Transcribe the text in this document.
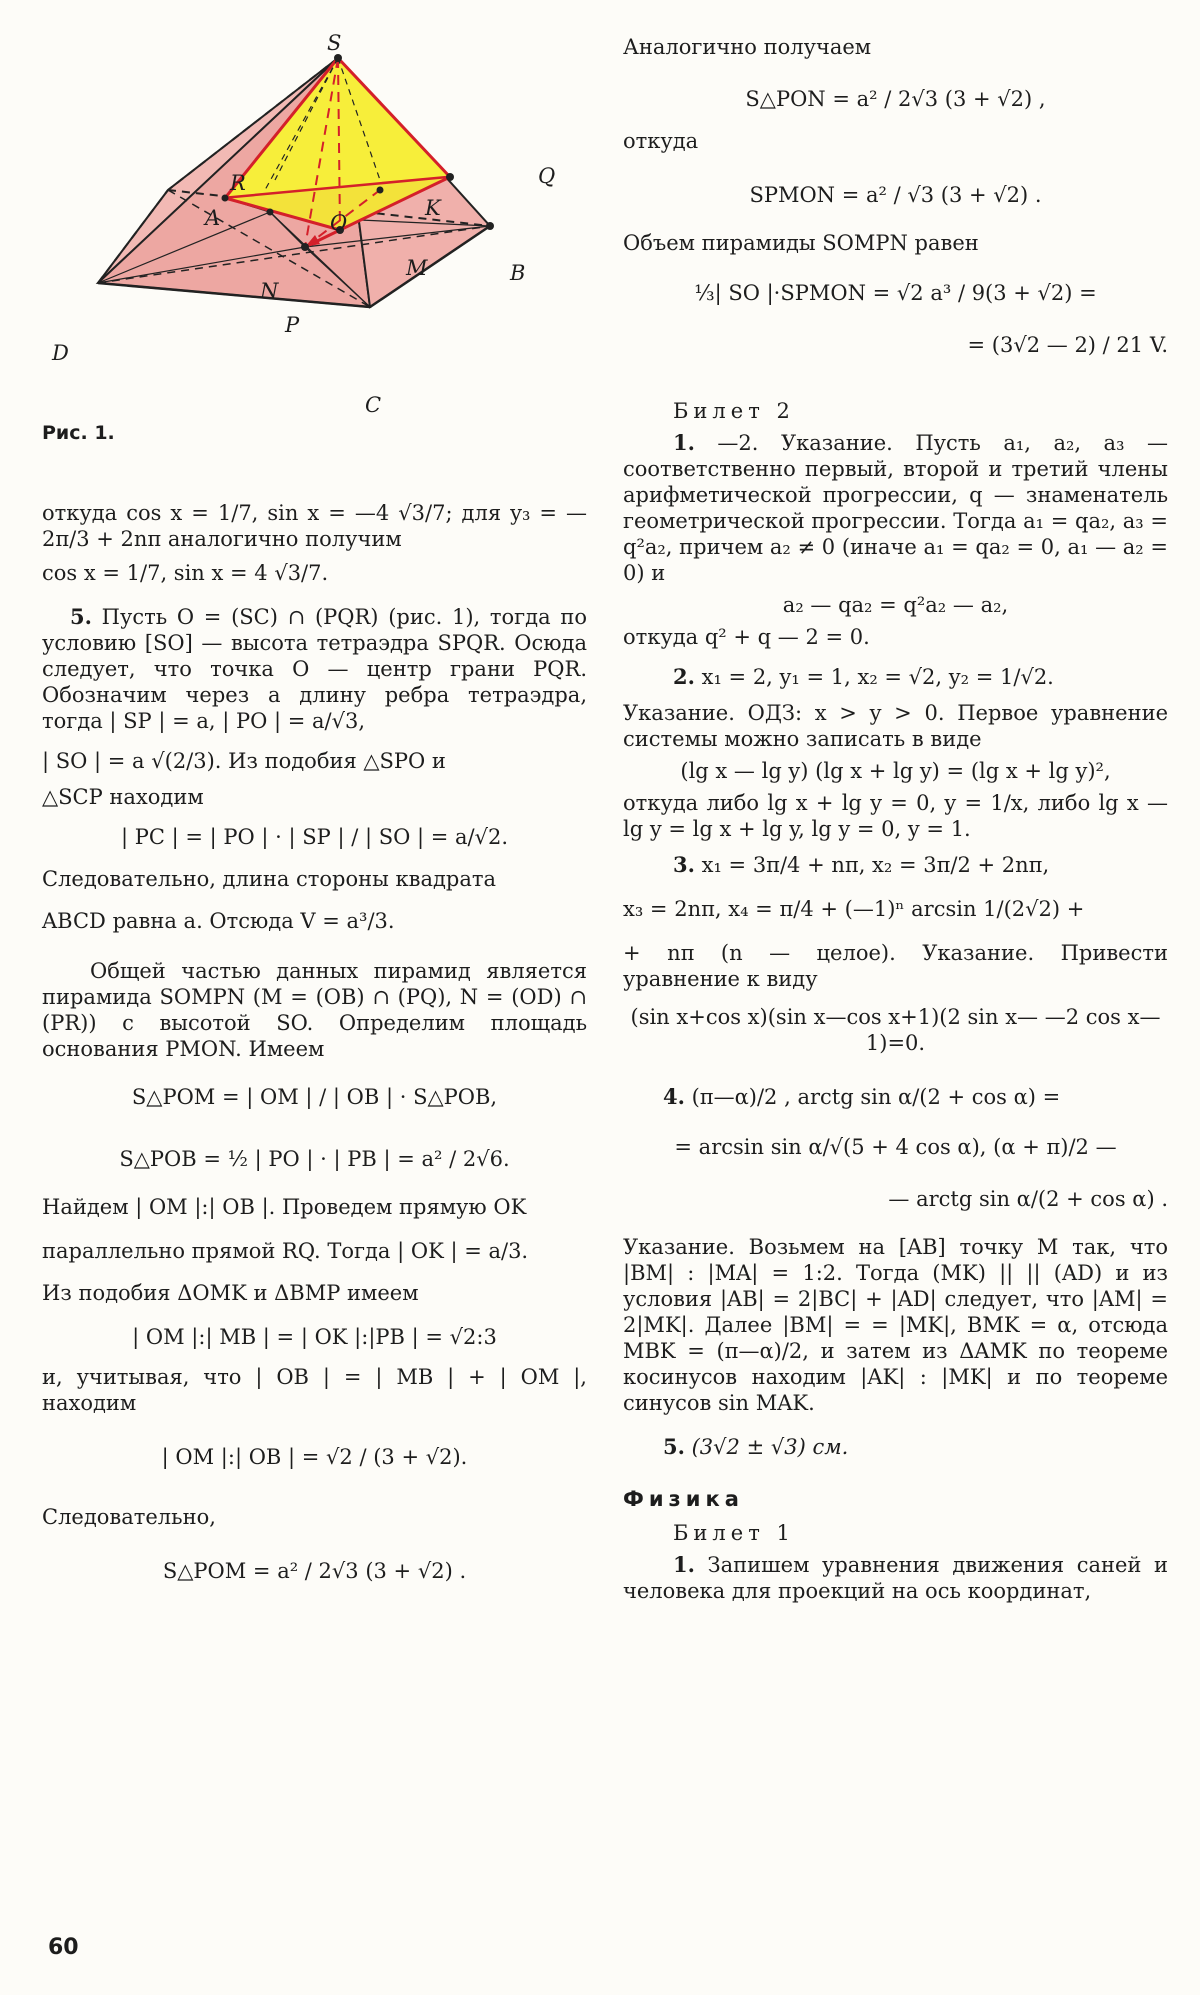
S
Q
R
A	O
K
M	B
N
P
D
C
Рис. 1.

откуда cos x = 1/7, sin x = —4 √3/7; для y₃ = —2π/3 + 2nπ аналогично получим

cos x = 1/7, sin x = 4 √3/7.

5. Пусть O = (SC) ∩ (PQR) (рис. 1), тогда по условию [SO] — высота тетраэдра SPQR. Осюда следует, что точка O — центр грани PQR. Обозначим через a длину ребра тетраэдра, тогда | SP | = a, | PO | = a/√3,

| SO | = a √(2/3). Из подобия △SPO и

△SCP находим

| PC | = | PO | · | SP | / | SO | = a/√2.

Следовательно, длина стороны квадрата

ABCD равна a. Отсюда V = a³/3.

Общей частью данных пирамид является пирамида SOMPN (M = (OB) ∩ (PQ), N = (OD) ∩ (PR)) с высотой SO. Определим площадь основания PMON. Имеем

S△POM = | OM | / | OB | · S△POB,

S△POB = ½ | PO | · | PB | = a² / 2√6.

Найдем | OM |:| OB |. Проведем прямую OK

параллельно прямой RQ. Тогда | OK | = a/3.

Из подобия ΔOMK и ΔBMP имеем

| OM |:| MB | = | OK |:|PB | = √2:3

и, учитывая, что | OB | = | MB | + | OM |, находим

| OM |:| OB | = √2 / (3 + √2).

Следовательно,

S△POM = a² / 2√3 (3 + √2) .

Аналогично получаем

S△PON = a² / 2√3 (3 + √2) ,

откуда

SPMON = a² / √3 (3 + √2) .

Объем пирамиды SOMPN равен

⅓| SO |·SPMON = √2 a³ / 9(3 + √2) =

= (3√2 — 2) / 21 V.

Билет 2

1. —2. Указание. Пусть a₁, a₂, a₃ — соответственно первый, второй и третий члены арифметической прогрессии, q — знаменатель геометрической прогрессии. Тогда a₁ = qa₂, a₃ = q²a₂, причем a₂ ≠ 0 (иначе a₁ = qa₂ = 0, a₁ — a₂ = 0) и

a₂ — qa₂ = q²a₂ — a₂,

откуда q² + q — 2 = 0.

2. x₁ = 2, y₁ = 1, x₂ = √2, y₂ = 1/√2.

Указание. ОДЗ: x > y > 0. Первое уравнение системы можно записать в виде

(lg x — lg y) (lg x + lg y) = (lg x + lg y)²,

откуда либо lg x + lg y = 0, y = 1/x, либо lg x — lg y = lg x + lg y, lg y = 0, y = 1.

3. x₁ = 3π/4 + nπ, x₂ = 3π/2 + 2nπ,

x₃ = 2nπ, x₄ = π/4 + (—1)ⁿ arcsin 1/(2√2) +

+ nπ (n — целое). Указание. Привести уравнение к виду

(sin x+cos x)(sin x—cos x+1)(2 sin x— —2 cos x—1)=0.

4. (π—α)/2 , arctg sin α/(2 + cos α) =

= arcsin sin α/√(5 + 4 cos α), (α + π)/2 —

— arctg sin α/(2 + cos α) .

Указание. Возьмем на [AB] точку M так, что |BM| : |MA| = 1:2. Тогда (MK) || || (AD) и из условия |AB| = 2|BC| + |AD| следует, что |AM| = 2|MK|. Далее |BM| = = |MK|, BMK = α, отсюда MBK = (π—α)/2, и затем из ΔAMK по теореме косинусов находим |AK| : |MK| и по теореме синусов sin MAK.

5. (3√2 ± √3) см.

Физика

Билет 1

1. Запишем уравнения движения саней и человека для проекций на ось координат,

60
